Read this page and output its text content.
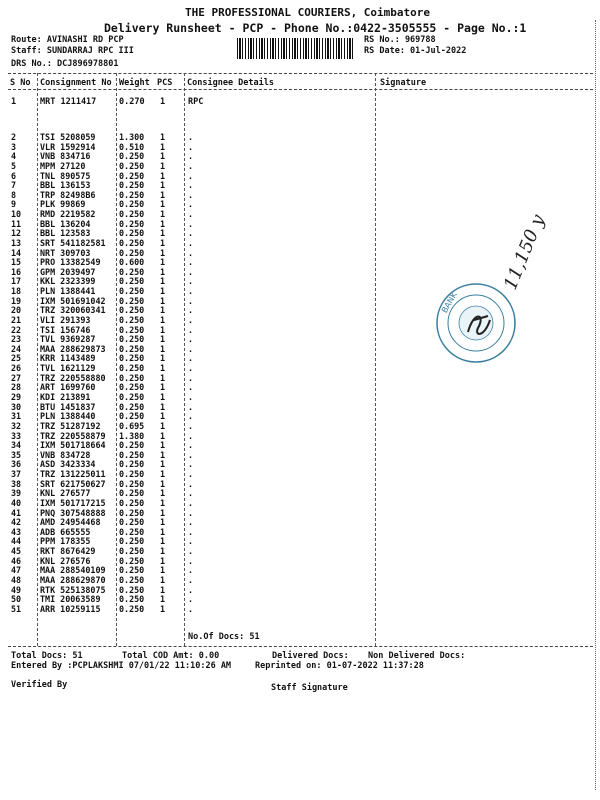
THE PROFESSIONAL COURIERS, Coimbatore
Delivery Runsheet - PCP - Phone No.:0422-3505555 - Page No.:1
Route: AVINASHI RD PCP
Staff: SUNDARRAJ RPC III
DRS No.: DCJ896978801
RS No.: 969788
RS Date: 01-Jul-2022
S No Consignment No Weight PCS Consignee Details	Signature
1	MRT 1211417	0.270 1	RPC
2	TSI 5208059	1.300 1	.
3	VLR 1592914	0.510 1	.
4	VNB 834716	0.250 1	.
5	MPM 27120	0.250 1	.
6	TNL 890575	0.250 1	.
7	BBL 136153	0.250 1	.
8	TRP 82498B6	0.250 1	.
9	PLK 99869	0.250 1	.
10 RMD 2219582	0.250 1	.
11 BBL 136204	0.250 1	.
12 BBL 123583	0.250 1	.
13 SRT 541182581 0.250 1	.
14 NRT 309703	0.250 1	.
15 PRO 13382549 0.600 1	.
16 GPM 2039497	0.250 1	.
17 KKL 2323399	0.250 1	.
18 PLN 1388441	0.250 1	.
19 IXM 501691042 0.250 1	.
20 TRZ 320060341 0.250 1	.
21 VLI 291393	0.250 1	.
22 TSI 156746	0.250 1	.
23 TVL 9369287	0.250 1	.
24 MAA 288629873 0.250 1	.
25 KRR 1143489	0.250 1	.
26 TVL 1621129	0.250 1	.
27 TRZ 220558880 0.250 1	.
28 ART 1699760	0.250 1	.
29 KDI 213891	0.250 1	.
30 BTU 1451837	0.250 1	.
31 PLN 1388440	0.250 1	.
32 TRZ 51287192 0.695 1	.
33 TRZ 220558879 1.380 1	.
34 IXM 501718664 0.250 1	.
35 VNB 834728	0.250 1	.
36 ASD 3423334	0.250 1	.
37 TRZ 131225011 0.250 1	.
38 SRT 621750627 0.250 1	.
39 KNL 276577	0.250 1	.
40 IXM 501717215 0.250 1	.
41 PNQ 307548888 0.250 1	.
42 AMD 24954468 0.250 1	.
43 ADB 665555	0.250 1	.
44 PPM 178355	0.250 1	.
45 RKT 8676429	0.250 1	.
46 KNL 276576	0.250 1	.
47 MAA 288540109 0.250 1	.
48 MAA 288629870 0.250 1	.
49 RTK 525138075 0.250 1	.
50 TMI 20063589 0.250 1	.
51 ARR 10259115 0.250 1	.
No.Of Docs: 51
BANK
11,150 y
Total Docs: 51	Total COD Amt: 0.00	Delivered Docs: Non Delivered Docs:
Entered By :PCPLAKSHMI 07/01/22 11:10:26 AM	Reprinted on: 01-07-2022 11:37:28
Verified By	Staff Signature
